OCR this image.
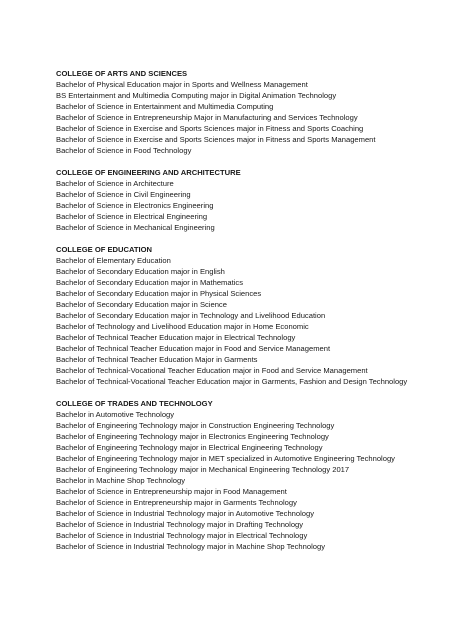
COLLEGE OF ARTS AND SCIENCES
Bachelor of Physical Education major in Sports and Wellness Management
BS Entertainment and Multimedia Computing major in Digital Animation Technology
Bachelor of Science in Entertainment and Multimedia Computing
Bachelor of Science in Entrepreneurship Major in Manufacturing and Services Technology
Bachelor of Science in Exercise and Sports Sciences major in Fitness and Sports Coaching
Bachelor of Science in Exercise and Sports Sciences major in Fitness and Sports Management
Bachelor of Science in Food Technology
COLLEGE OF ENGINEERING AND ARCHITECTURE
Bachelor of Science in Architecture
Bachelor of Science in Civil Engineering
Bachelor of Science in Electronics Engineering
Bachelor of Science in Electrical Engineering
Bachelor of Science in Mechanical Engineering
COLLEGE OF EDUCATION
Bachelor of Elementary Education
Bachelor of Secondary Education major in English
Bachelor of Secondary Education major in Mathematics
Bachelor of Secondary Education major in Physical Sciences
Bachelor of Secondary Education major in Science
Bachelor of Secondary Education major in Technology and Livelihood Education
Bachelor of Technology and Livelihood Education major in Home Economic
Bachelor of Technical Teacher Education major in Electrical Technology
Bachelor of Technical Teacher Education major in Food and Service Management
Bachelor of Technical Teacher Education Major in Garments
Bachelor of Technical-Vocational Teacher Education major in Food and Service Management
Bachelor of Technical-Vocational Teacher Education major in Garments, Fashion and Design Technology
COLLEGE OF TRADES AND TECHNOLOGY
Bachelor in Automotive Technology
Bachelor of Engineering Technology major in Construction Engineering Technology
Bachelor of Engineering Technology major in Electronics Engineering Technology
Bachelor of Engineering Technology major in Electrical Engineering Technology
Bachelor of Engineering Technology major in MET specialized in Automotive Engineering Technology
Bachelor of Engineering Technology major in Mechanical Engineering Technology 2017
Bachelor in Machine Shop Technology
Bachelor of Science in Entrepreneurship major in Food Management
Bachelor of Science in Entrepreneurship major in Garments Technology
Bachelor of Science in Industrial Technology major in Automotive Technology
Bachelor of Science in Industrial Technology major in Drafting Technology
Bachelor of Science in Industrial Technology major in Electrical Technology
Bachelor of Science in Industrial Technology major in Machine Shop Technology
